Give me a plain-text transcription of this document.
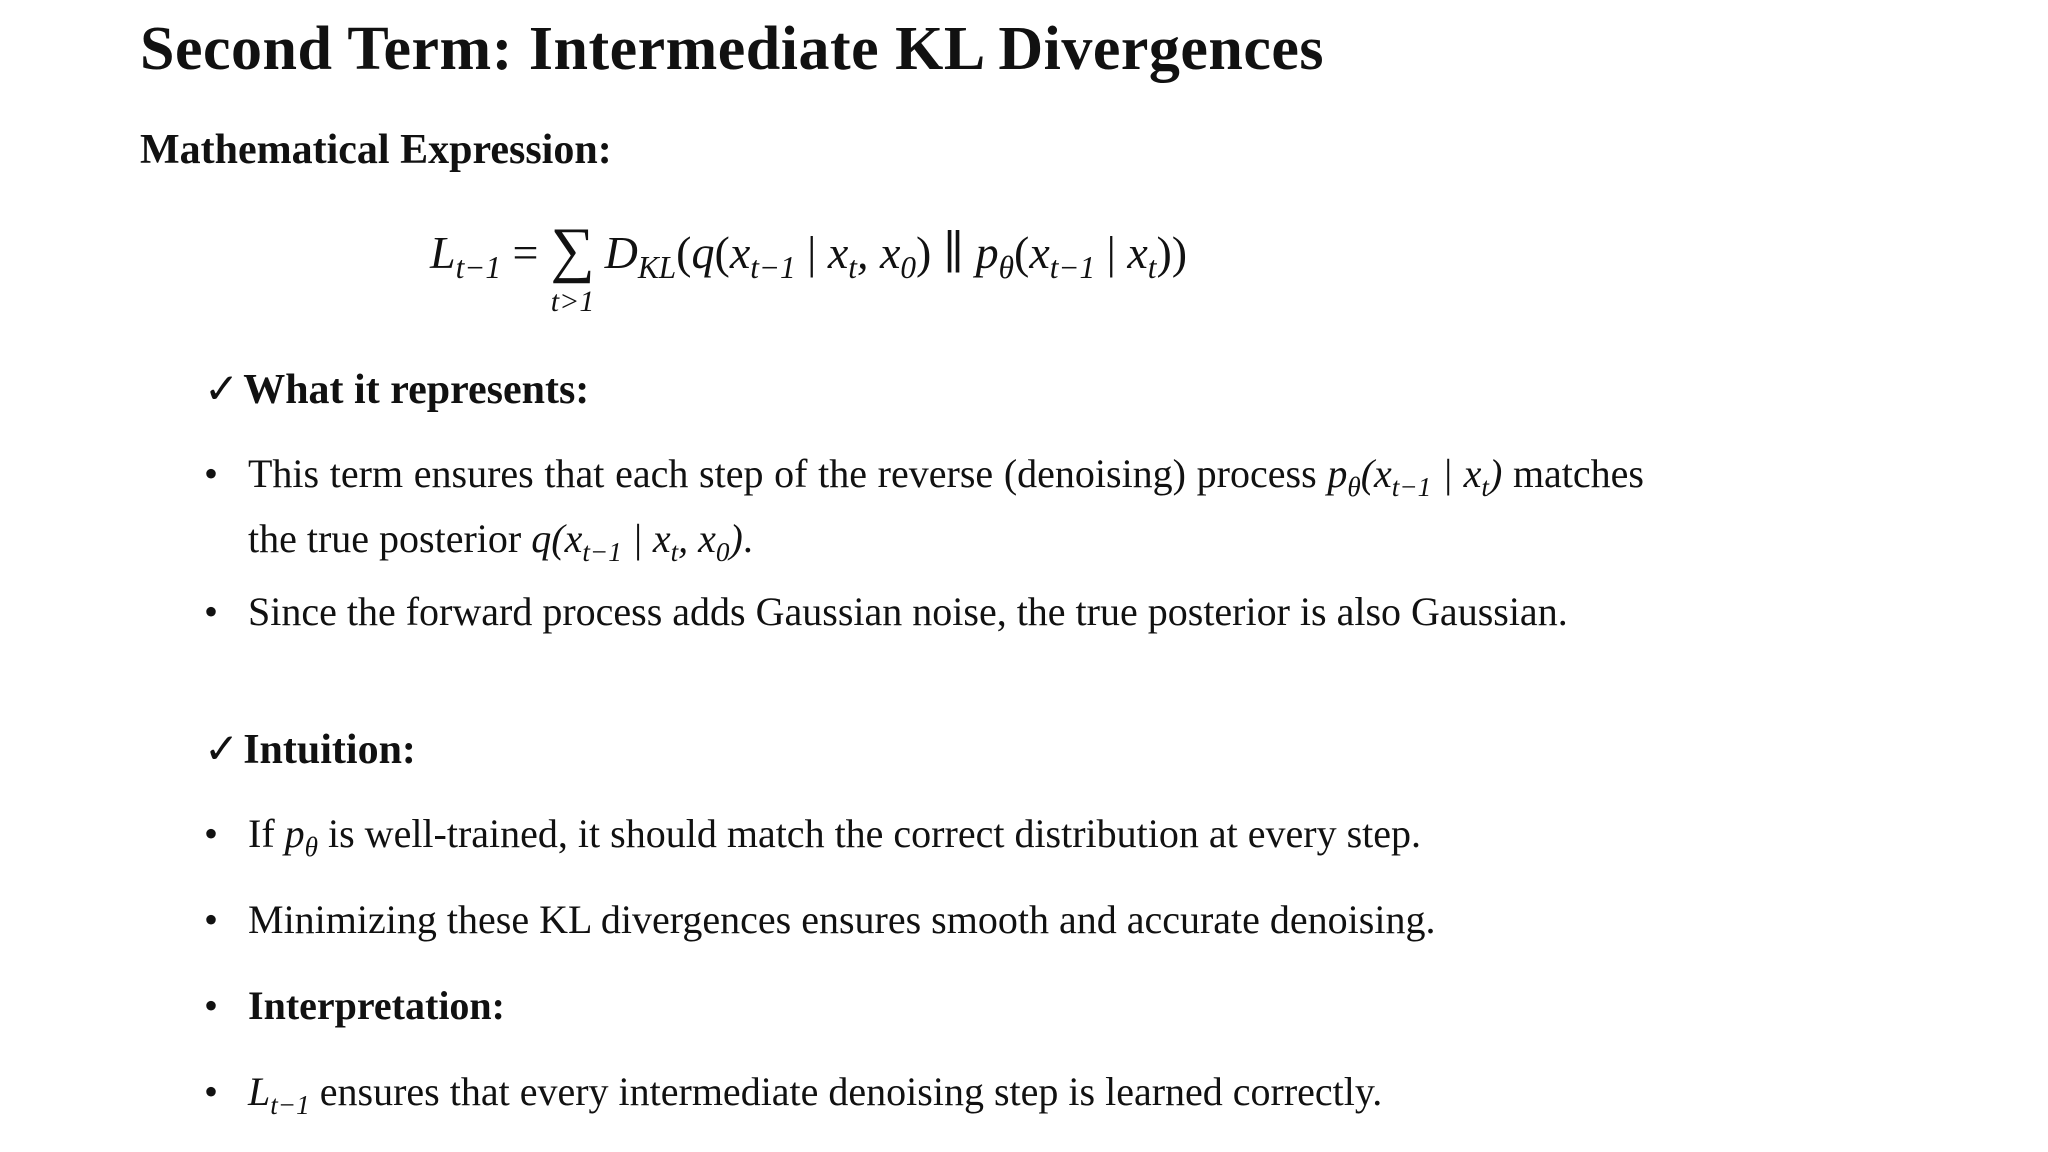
Second Term: Intermediate KL Divergences
Mathematical Expression:
$L_{t-1}$ = ∑
t>1
$D_{KL}(q(x_{t-1}$ | $x_t$, $x_0$) ∥ $p_\theta(x_{t-1}$ | $x_t$))
✓What it represents:
• This term ensures that each step of the reverse (denoising) process $p_\theta(x_{t-1}$ | $x_t$) matches the true posterior $q(x_{t-1}$ | $x_t$, $x_0$).
• Since the forward process adds Gaussian noise, the true posterior is also Gaussian.
✓Intuition:
• If $p_\theta$ is well-trained, it should match the correct distribution at every step.
• Minimizing these KL divergences ensures smooth and accurate denoising.
• Interpretation:
• $L_{t-1}$ ensures that every intermediate denoising step is learned correctly.
